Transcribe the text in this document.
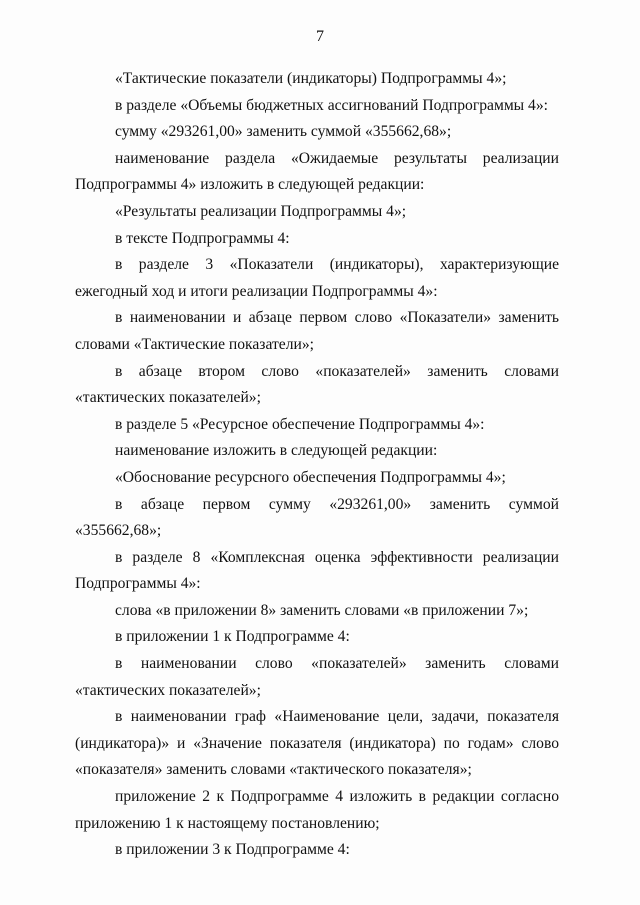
7

«Тактические показатели (индикаторы) Подпрограммы 4»;

в разделе «Объемы бюджетных ассигнований Подпрограммы 4»:

сумму «293261,00» заменить суммой «355662,68»;

наименование раздела «Ожидаемые результаты реализации Подпрограммы 4» изложить в следующей редакции:

«Результаты реализации Подпрограммы 4»;

в тексте Подпрограммы 4:

в разделе 3 «Показатели (индикаторы), характеризующие ежегодный ход и итоги реализации Подпрограммы 4»:

в наименовании и абзаце первом слово «Показатели» заменить словами «Тактические показатели»;

в абзаце втором слово «показателей» заменить словами «тактических показателей»;

в разделе 5 «Ресурсное обеспечение Подпрограммы 4»:

наименование изложить в следующей редакции:

«Обоснование ресурсного обеспечения Подпрограммы 4»;

в абзаце первом сумму «293261,00» заменить суммой «355662,68»;

в разделе 8 «Комплексная оценка эффективности реализации Подпрограммы 4»:

слова «в приложении 8» заменить словами «в приложении 7»;

в приложении 1 к Подпрограмме 4:

в наименовании слово «показателей» заменить словами «тактических показателей»;

в наименовании граф «Наименование цели, задачи, показателя (индикатора)» и «Значение показателя (индикатора) по годам» слово «показателя» заменить словами «тактического показателя»;

приложение 2 к Подпрограмме 4 изложить в редакции согласно приложению 1 к настоящему постановлению;

в приложении 3 к Подпрограмме 4:
